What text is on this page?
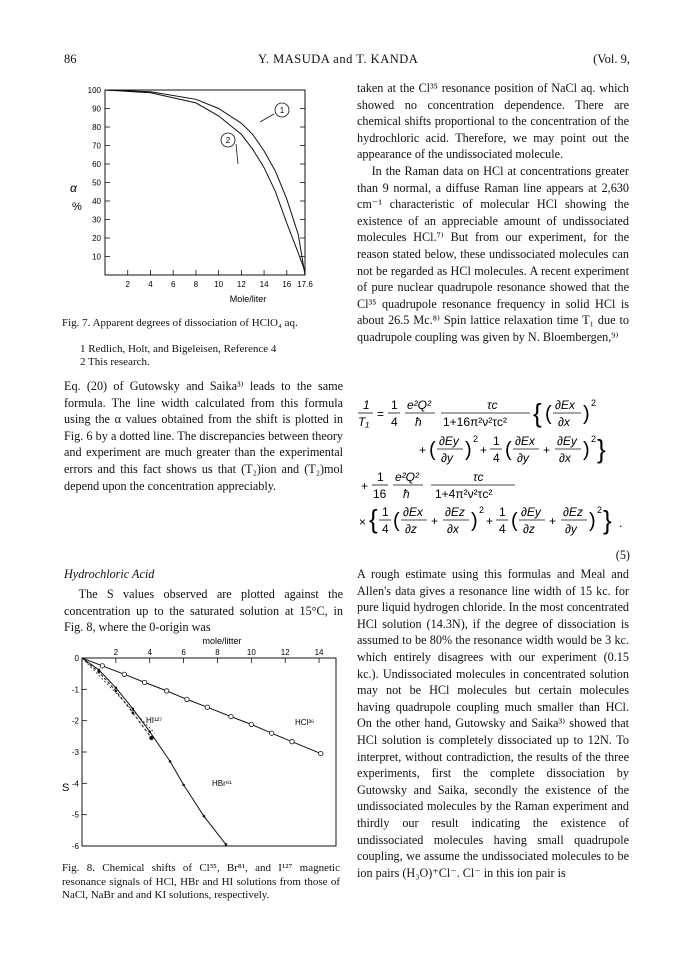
86	Y. MASUDA and T. KANDA	(Vol. 9,
100
90
80
70
60
50
40
30
20
10
2 4 6 8 10 12 14 16 17.6
1
2
α
%
Mole/liter
Fig. 7. Apparent degrees of dissociation of HClO₄ aq.
1 Redlich, Holt, and Bigeleisen, Reference 4
2 This research.

Eq. (20) of Gutowsky and Saika³⁾ leads to the same formula. The line width calculated from this formula using the α values obtained from the shift is plotted in Fig. 6 by a dotted line. The discrepancies between theory and experiment are much greater than the experimental errors and this fact shows us that (T₂)ion and (T₂)mol depend upon the concentration appreciably.

Hydrochloric Acid

The S values observed are plotted against the concentration up to the saturated solution at 15°C, in Fig. 8, where the 0-origin was

0
-1
-2
-3
-4
-5
-6
2	4	6	8	10	12	14
mole/litter
S
HCl³⁶
HI¹²⁷
HBr⁸¹
Fig. 8. Chemical shifts of Cl³⁵, Br⁸¹, and I¹²⁷ magnetic resonance signals of HCl, HBr and HI solutions from those of NaCl, NaBr and and KI solutions, respectively.

taken at the Cl³⁵ resonance position of NaCl aq. which showed no concentration dependence. There are chemical shifts proportional to the concentration of the hydrochloric acid. Therefore, we may point out the appearance of the undissociated molecule.

In the Raman data on HCl at concentrations greater than 9 normal, a diffuse Raman line appears at 2,630 cm⁻¹ characteristic of molecular HCl showing the existence of an appreciable amount of undissociated molecules HCl.⁷⁾ But from our experiment, for the reason stated below, these undissociated molecules can not be regarded as HCl molecules. A recent experiment of pure nuclear quadrupole resonance showed that the Cl³⁵ quadrupole resonance frequency in solid HCl is about 26.5 Mc.⁸⁾ Spin lattice relaxation time T₁ due to quadrupole coupling was given by N. Bloembergen,⁹⁾

1
T₁
=
1
4
e²Q²
ħ
τc
1+16π²ν²τc² { ( ∂Ex
∂x ) 2
+ ( ∂Ey
∂y ) 2
+
1
4 ( ∂Ex
∂y
+
∂Ey
∂x ) 2 }
+
1
16
e²Q²
ħ
τc
1+4π²ν²τc²
× { 1
4 ( ∂Ex
∂z
+
∂Ez
∂x ) 2
+
1
4 ( ∂Ey
∂z
+
∂Ez
∂y ) 2 } .
(5)

A rough estimate using this formulas and Meal and Allen's data gives a resonance line width of 15 kc. for pure liquid hydrogen chloride. In the most concentrated HCl solution (14.3N), if the degree of dissociation is assumed to be 80% the resonance width would be 3 kc. which entirely disagrees with our experiment (0.15 kc.). Undissociated molecules in concentrated solution may not be HCl molecules but certain molecules having quadrupole coupling much smaller than HCl. On the other hand, Gutowsky and Saika³⁾ showed that HCl solution is completely dissociated up to 12N. To interpret, without contradiction, the results of the three experiments, first the complete dissociation by Gutowsky and Saika, secondly the existence of the undissociated molecules by the Raman experiment and thirdly our result indicating the existence of undissociated molecules having small quadrupole coupling, we assume the undissociated molecules to be ion pairs (H₃O)⁺Cl⁻. Cl⁻ in this ion pair is
